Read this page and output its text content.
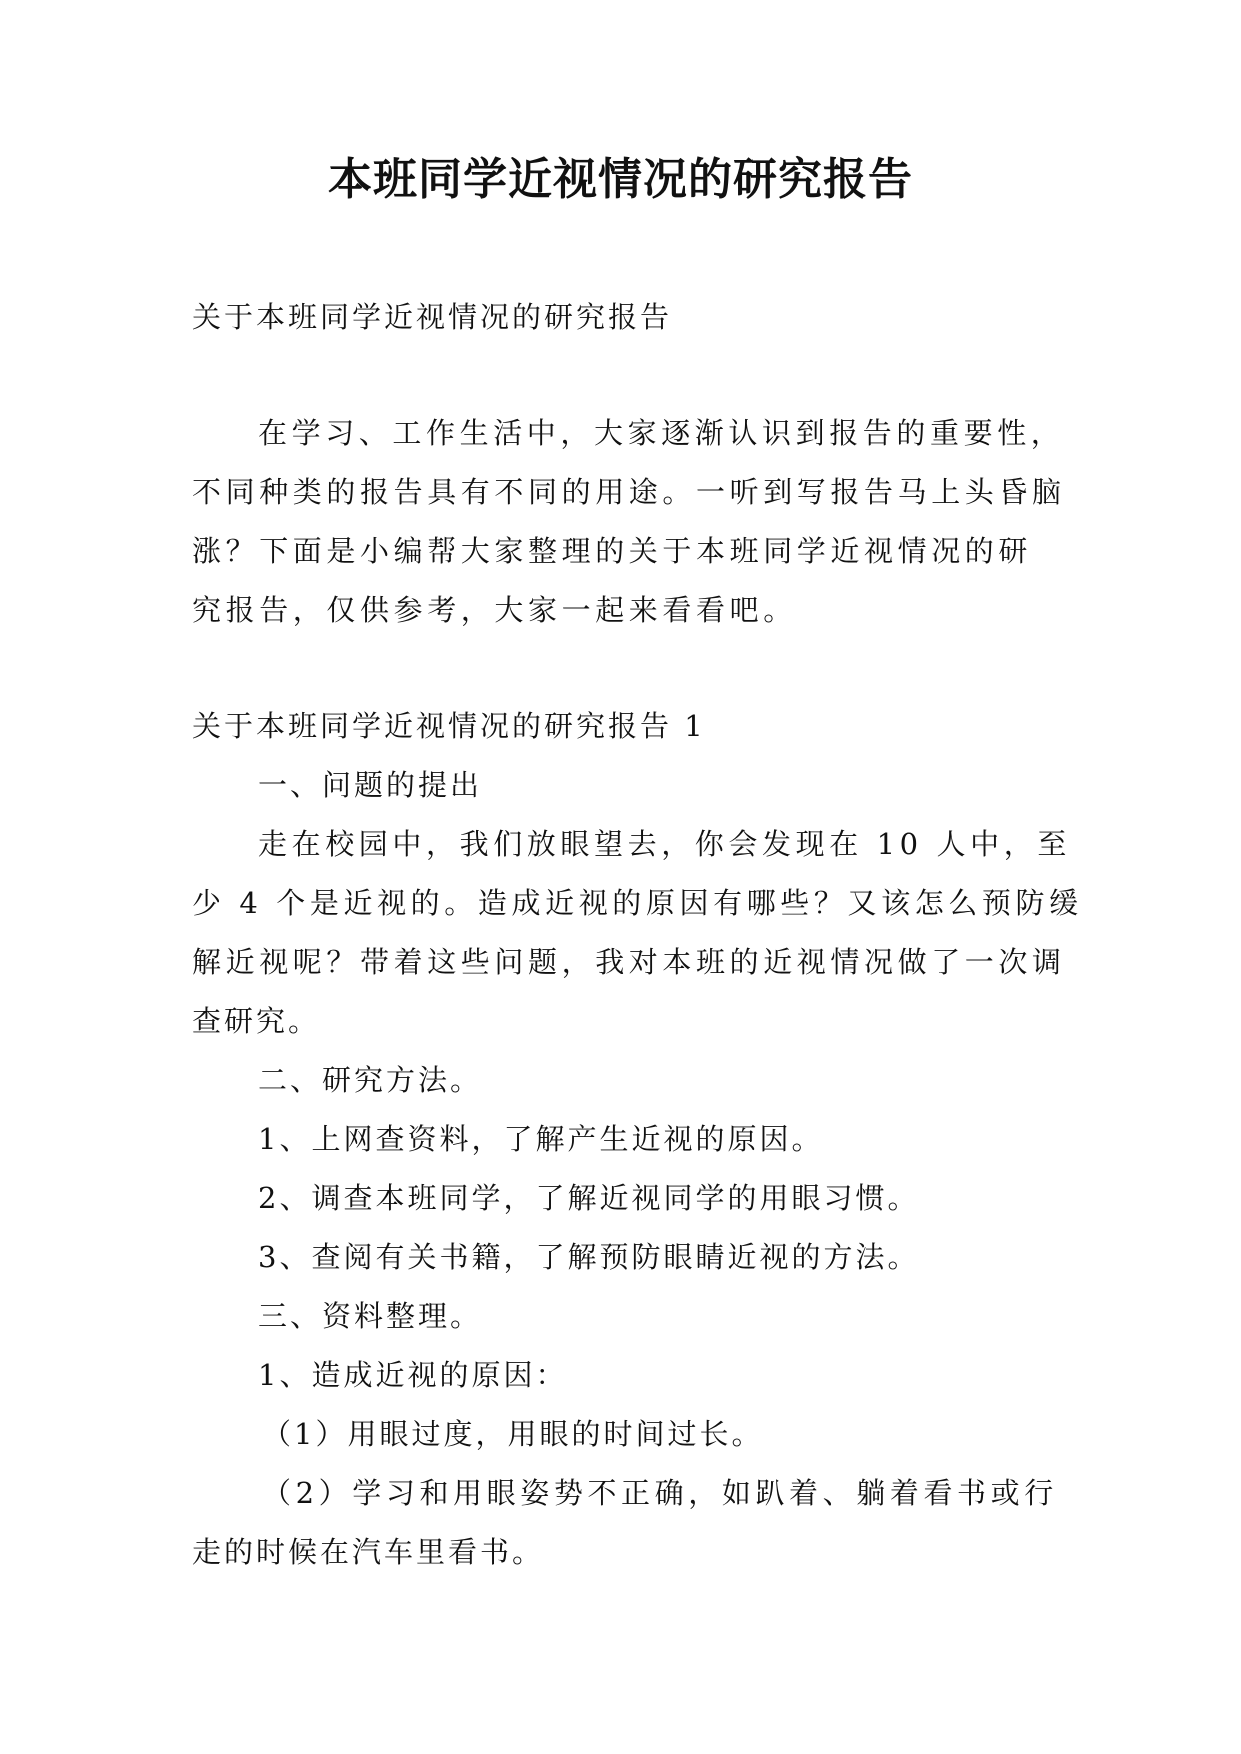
本班同学近视情况的研究报告
关于本班同学近视情况的研究报告
在学习、工作生活中，大家逐渐认识到报告的重要性，
不同种类的报告具有不同的用途。一听到写报告马上头昏脑
涨？下面是小编帮大家整理的关于本班同学近视情况的研
究报告，仅供参考，大家一起来看看吧。
关于本班同学近视情况的研究报告 1
一、问题的提出
走在校园中，我们放眼望去，你会发现在 10 人中，至
少 4 个是近视的。造成近视的原因有哪些？又该怎么预防缓
解近视呢？带着这些问题，我对本班的近视情况做了一次调
查研究。
二、研究方法。
1、上网查资料，了解产生近视的原因。
2、调查本班同学，了解近视同学的用眼习惯。
3、查阅有关书籍，了解预防眼睛近视的方法。
三、资料整理。
1、造成近视的原因：
（1）用眼过度，用眼的时间过长。
（2）学习和用眼姿势不正确，如趴着、躺着看书或行
走的时候在汽车里看书。
